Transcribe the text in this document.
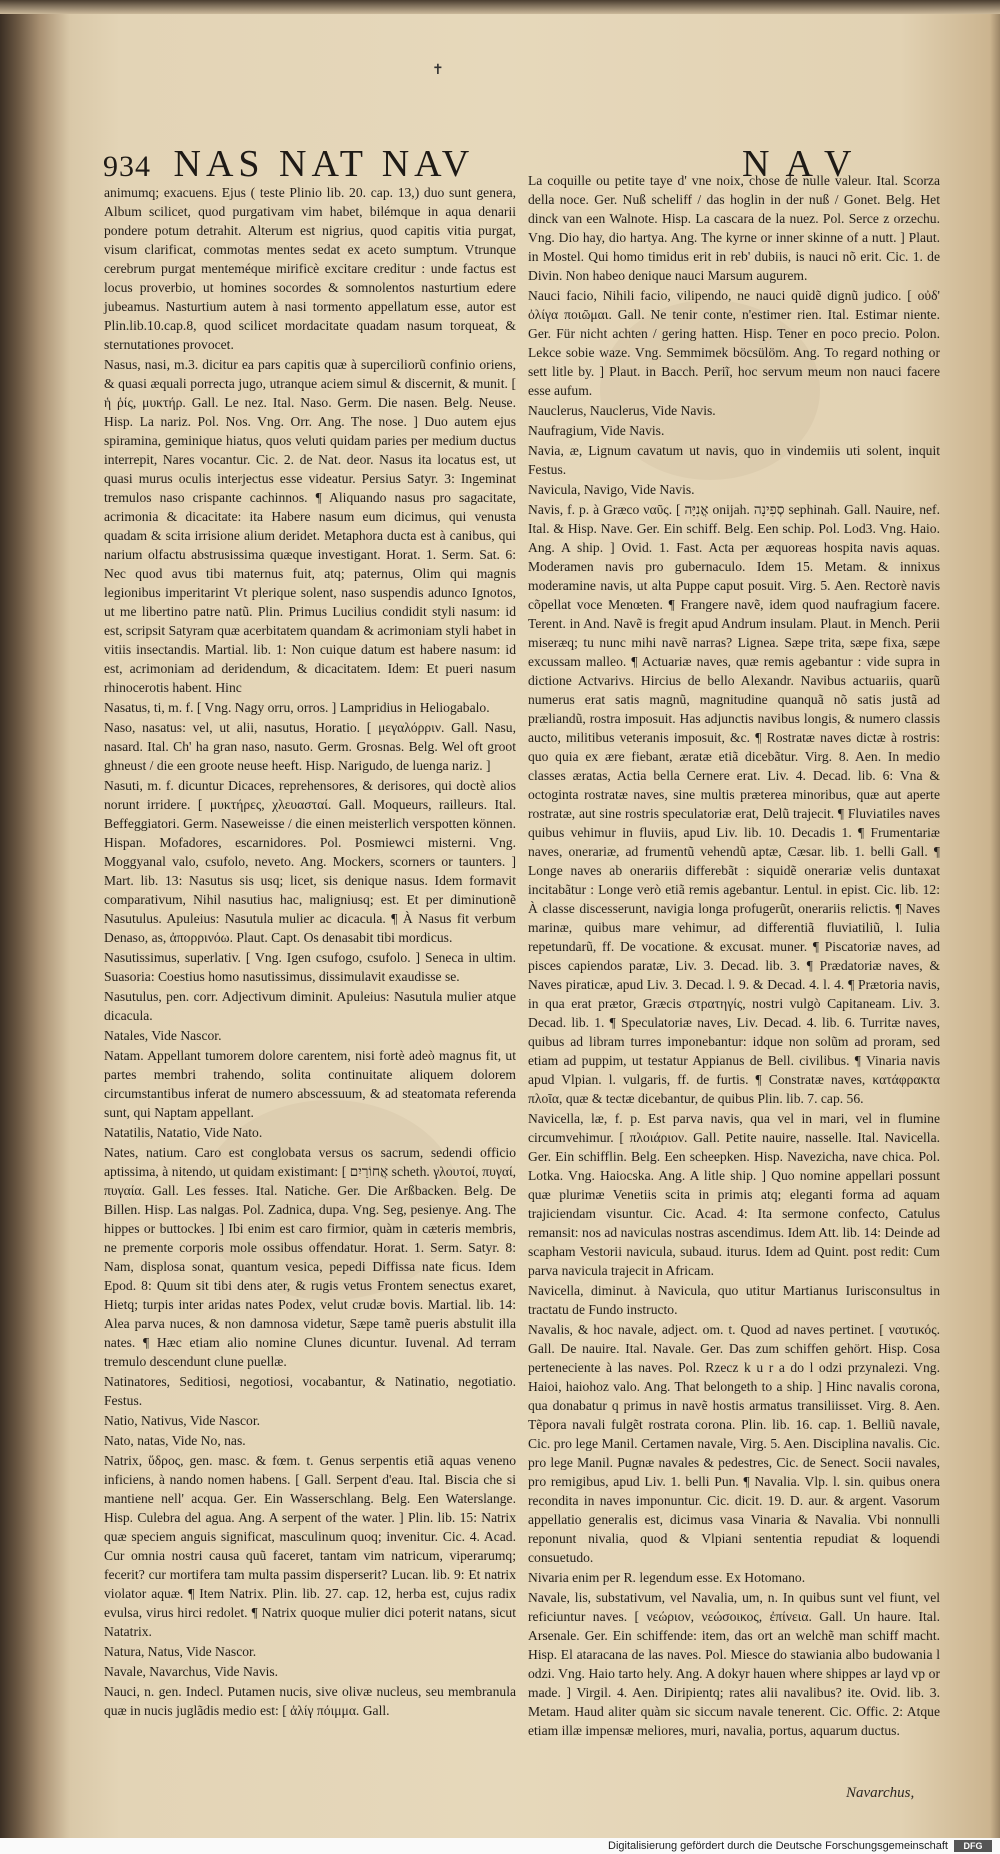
✝
934 NAS NAT NAV	NAV

animumq; exacuens. Ejus ( teste Plinio lib. 20. cap. 13,) duo sunt genera, Album scilicet, quod purgativam vim habet, bilémque in aqua denarii pondere potum detrahit. Alterum est nigrius, quod capitis vitia purgat, visum clarificat, commotas mentes sedat ex aceto sumptum. Vtrunque cerebrum purgat menteméque mirificè excitare creditur : unde factus est locus proverbio, ut homines socordes & somnolentos nasturtium edere jubeamus. Nasturtium autem à nasi tormento appellatum esse, autor est Plin.lib.10.cap.8, quod scilicet mordacitate quadam nasum torqueat, & sternutationes provocet.

Nasus, nasi, m.3. dicitur ea pars capitis quæ à superciliorũ confinio oriens, & quasi æquali porrecta jugo, utranque aciem simul & discernit, & munit. [ ἡ ῥίς, μυκτήρ. Gall. Le nez. Ital. Naso. Germ. Die nasen. Belg. Neuse. Hisp. La nariz. Pol. Nos. Vng. Orr. Ang. The nose. ] Duo autem ejus spiramina, geminique hiatus, quos veluti quidam paries per medium ductus interrepit, Nares vocantur. Cic. 2. de Nat. deor. Nasus ita locatus est, ut quasi murus oculis interjectus esse videatur. Persius Satyr. 3: Ingeminat tremulos naso crispante cachinnos. ¶ Aliquando nasus pro sagacitate, acrimonia & dicacitate: ita Habere nasum eum dicimus, qui venusta quadam & scita irrisione alium deridet. Metaphora ducta est à canibus, qui narium olfactu abstrusissima quæque investigant. Horat. 1. Serm. Sat. 6: Nec quod avus tibi maternus fuit, atq; paternus, Olim qui magnis legionibus imperitarint Vt plerique solent, naso suspendis adunco Ignotos, ut me libertino patre natũ. Plin. Primus Lucilius condidit styli nasum: id est, scripsit Satyram quæ acerbitatem quandam & acrimoniam styli habet in vitiis insectandis. Martial. lib. 1: Non cuique datum est habere nasum: id est, acrimoniam ad deridendum, & dicacitatem. Idem: Et pueri nasum rhinocerotis habent. Hinc

Nasatus, ti, m. f. [ Vng. Nagy orru, orros. ] Lampridius in Heliogabalo.

Naso, nasatus: vel, ut alii, nasutus, Horatio. [ μεγαλόρριν. Gall. Nasu, nasard. Ital. Ch' ha gran naso, nasuto. Germ. Grosnas. Belg. Wel oft groot ghneust / die een groote neuse heeft. Hisp. Narigudo, de luenga nariz. ]

Nasuti, m. f. dicuntur Dicaces, reprehensores, & derisores, qui doctè alios norunt irridere. [ μυκτήρες, χλευασταί. Gall. Moqueurs, railleurs. Ital. Beffeggiatori. Germ. Naseweisse / die einen meisterlich verspotten können. Hispan. Mofadores, escarnidores. Pol. Posmiewci misterni. Vng. Moggyanal valo, csufolo, neveto. Ang. Mockers, scorners or taunters. ] Mart. lib. 13: Nasutus sis usq; licet, sis denique nasus. Idem formavit comparativum, Nihil nasutius hac, maligniusq; est. Et per diminutionẽ Nasutulus. Apuleius: Nasutula mulier ac dicacula. ¶ À Nasus fit verbum Denaso, as, ἀπορρινόω. Plaut. Capt. Os denasabit tibi mordicus.

Nasutissimus, superlativ. [ Vng. Igen csufogo, csufolo. ] Seneca in ultim. Suasoria: Coestius homo nasutissimus, dissimulavit exaudisse se.

Nasutulus, pen. corr. Adjectivum diminit. Apuleius: Nasutula mulier atque dicacula.

Natales, Vide Nascor.

Natam. Appellant tumorem dolore carentem, nisi fortè adeò magnus fit, ut partes membri trahendo, solita continuitate aliquem dolorem circumstantibus inferat de numero abscessuum, & ad steatomata referenda sunt, qui Naptam appellant.

Natatilis, Natatio, Vide Nato.

Nates, natium. Caro est conglobata versus os sacrum, sedendi officio aptissima, à nitendo, ut quidam existimant: [ אֲחוֹרַיִם scheth. γλουτοί, πυγαί, πυγαία. Gall. Les fesses. Ital. Natiche. Ger. Die Arßbacken. Belg. De Billen. Hisp. Las nalgas. Pol. Zadnica, dupa. Vng. Seg, pesienye. Ang. The hippes or buttockes. ] Ibi enim est caro firmior, quàm in cæteris membris, ne premente corporis mole ossibus offendatur. Horat. 1. Serm. Satyr. 8: Nam, displosa sonat, quantum vesica, pepedi Diffissa nate ficus. Idem Epod. 8: Quum sit tibi dens ater, & rugis vetus Frontem senectus exaret, Hietq; turpis inter aridas nates Podex, velut crudæ bovis. Martial. lib. 14: Alea parva nuces, & non damnosa videtur, Sæpe tamẽ pueris abstulit illa nates. ¶ Hæc etiam alio nomine Clunes dicuntur. Iuvenal. Ad terram tremulo descendunt clune puellæ.

Natinatores, Seditiosi, negotiosi, vocabantur, & Natinatio, negotiatio. Festus.

Natio, Nativus, Vide Nascor.

Nato, natas, Vide No, nas.

Natrix, ὕδρος, gen. masc. & fœm. t. Genus serpentis etiã aquas veneno inficiens, à nando nomen habens. [ Gall. Serpent d'eau. Ital. Biscia che si mantiene nell' acqua. Ger. Ein Wasserschlang. Belg. Een Waterslange. Hisp. Culebra del agua. Ang. A serpent of the water. ] Plin. lib. 15: Natrix quæ speciem anguis significat, masculinum quoq; invenitur. Cic. 4. Acad. Cur omnia nostri causa quũ faceret, tantam vim natricum, viperarumq; fecerit? cur mortifera tam multa passim disperserit? Lucan. lib. 9: Et natrix violator aquæ. ¶ Item Natrix. Plin. lib. 27. cap. 12, herba est, cujus radix evulsa, virus hirci redolet. ¶ Natrix quoque mulier dici poterit natans, sicut Natatrix.

Natura, Natus, Vide Nascor.

Navale, Navarchus, Vide Navis.

Nauci, n. gen. Indecl. Putamen nucis, sive olivæ nucleus, seu membranula quæ in nucis juglãdis medio est: [ ἀλίγ πόιμμα. Gall.

La coquille ou petite taye d' vne noix, chose de nulle valeur. Ital. Scorza della noce. Ger. Nuß scheliff / das hoglin in der nuß / Gonet. Belg. Het dinck van een Walnote. Hisp. La cascara de la nuez. Pol. Serce z orzechu. Vng. Dio hay, dio hartya. Ang. The kyrne or inner skinne of a nutt. ] Plaut. in Mostel. Qui homo timidus erit in reb' dubiis, is nauci nõ erit. Cic. 1. de Divin. Non habeo denique nauci Marsum augurem.

Nauci facio, Nihili facio, vilipendo, ne nauci quidẽ dignũ judico. [ οὐδ' ὀλίγα ποιῶμαι. Gall. Ne tenir conte, n'estimer rien. Ital. Estimar niente. Ger. Für nicht achten / gering hatten. Hisp. Tener en poco precio. Polon. Lekce sobie waze. Vng. Semmimek böcsülöm. Ang. To regard nothing or sett litle by. ] Plaut. in Bacch. Periĩ, hoc servum meum non nauci facere esse aufum.

Nauclerus, Nauclerus, Vide Navis.

Naufragium, Vide Navis.

Navia, æ, Lignum cavatum ut navis, quo in vindemiis uti solent, inquit Festus.

Navicula, Navigo, Vide Navis.

Navis, f. p. à Græco ναῦς. [ אֳנִיָּה onijah. סְפִינָה sephinah. Gall. Nauire, nef. Ital. & Hisp. Nave. Ger. Ein schiff. Belg. Een schip. Pol. Lod3. Vng. Haio. Ang. A ship. ] Ovid. 1. Fast. Acta per æquoreas hospita navis aquas. Moderamen navis pro gubernaculo. Idem 15. Metam. & innixus moderamine navis, ut alta Puppe caput posuit. Virg. 5. Aen. Rectorè navis cõpellat voce Menœten. ¶ Frangere navẽ, idem quod naufragium facere. Terent. in And. Navẽ is fregit apud Andrum insulam. Plaut. in Mench. Perii miseræq; tu nunc mihi navẽ narras? Lignea. Sæpe trita, sæpe fixa, sæpe excussam malleo. ¶ Actuariæ naves, quæ remis agebantur : vide supra in dictione Actvarivs. Hircius de bello Alexandr. Navibus actuariis, quarũ numerus erat satis magnũ, magnitudine quanquã nõ satis justã ad præliandũ, rostra imposuit. Has adjunctis navibus longis, & numero classis aucto, militibus veteranis imposuit, &c. ¶ Rostratæ naves dictæ à rostris: quo quia ex ære fiebant, æratæ etiã dicebãtur. Virg. 8. Aen. In medio classes æratas, Actia bella Cernere erat. Liv. 4. Decad. lib. 6: Vna & octoginta rostratæ naves, sine multis præterea minoribus, quæ aut aperte rostratæ, aut sine rostris speculatoriæ erat, Delũ trajecit. ¶ Fluviatiles naves quibus vehimur in fluviis, apud Liv. lib. 10. Decadis 1. ¶ Frumentariæ naves, onerariæ, ad frumentũ vehendũ aptæ, Cæsar. lib. 1. belli Gall. ¶ Longe naves ab onerariis differebãt : siquidẽ onerariæ velis duntaxat incitabãtur : Longe verò etiã remis agebantur. Lentul. in epist. Cic. lib. 12: À classe discesserunt, navigia longa profugerũt, onerariis relictis. ¶ Naves marinæ, quibus mare vehimur, ad differentiã fluviatiliũ, l. Iulia repetundarũ, ff. De vocatione. & excusat. muner. ¶ Piscatoriæ naves, ad pisces capiendos paratæ, Liv. 3. Decad. lib. 3. ¶ Prædatoriæ naves, & Naves piraticæ, apud Liv. 3. Decad. l. 9. & Decad. 4. l. 4. ¶ Prætoria navis, in qua erat prætor, Græcis στρατηγίς, nostri vulgò Capitaneam. Liv. 3. Decad. lib. 1. ¶ Speculatoriæ naves, Liv. Decad. 4. lib. 6. Turritæ naves, quibus ad libram turres imponebantur: idque non solũm ad proram, sed etiam ad puppim, ut testatur Appianus de Bell. civilibus. ¶ Vinaria navis apud Vlpian. l. vulgaris, ff. de furtis. ¶ Constratæ naves, κατάφρακτα πλοῖα, quæ & tectæ dicebantur, de quibus Plin. lib. 7. cap. 56.

Navicella, læ, f. p. Est parva navis, qua vel in mari, vel in flumine circumvehimur. [ πλοιάριον. Gall. Petite nauire, nasselle. Ital. Navicella. Ger. Ein schifflin. Belg. Een scheepken. Hisp. Navezicha, nave chica. Pol. Lotka. Vng. Haiocska. Ang. A litle ship. ] Quo nomine appellari possunt quæ plurimæ Venetiis scita in primis atq; eleganti forma ad aquam trajiciendam visuntur. Cic. Acad. 4: Ita sermone confecto, Catulus remansit: nos ad naviculas nostras ascendimus. Idem Att. lib. 14: Deinde ad scapham Vestorii navicula, subaud. iturus. Idem ad Quint. post redit: Cum parva navicula trajecit in Africam.

Navicella, diminut. à Navicula, quo utitur Martianus Iurisconsultus in tractatu de Fundo instructo.

Navalis, & hoc navale, adject. om. t. Quod ad naves pertinet. [ ναυτικός. Gall. De nauire. Ital. Navale. Ger. Das zum schiffen gehört. Hisp. Cosa perteneciente à las naves. Pol. Rzecz k u r a do l odzi przynalezi. Vng. Haioi, haiohoz valo. Ang. That belongeth to a ship. ] Hinc navalis corona, qua donabatur q primus in navẽ hostis armatus transiliisset. Virg. 8. Aen. Tẽpora navali fulgẽt rostrata corona. Plin. lib. 16. cap. 1. Belliũ navale, Cic. pro lege Manil. Certamen navale, Virg. 5. Aen. Disciplina navalis. Cic. pro lege Manil. Pugnæ navales & pedestres, Cic. de Senect. Socii navales, pro remigibus, apud Liv. 1. belli Pun. ¶ Navalia. Vlp. l. sin. quibus onera recondita in naves imponuntur. Cic. dicit. 19. D. aur. & argent. Vasorum appellatio generalis est, dicimus vasa Vinaria & Navalia. Vbi nonnulli reponunt nivalia, quod & Vlpiani sententia repudiat & loquendi consuetudo.

Nivaria enim per R. legendum esse. Ex Hotomano.

Navale, lis, substativum, vel Navalia, um, n. In quibus sunt vel fiunt, vel reficiuntur naves. [ νεώριον, νεώσοικος, ἐπίνεια. Gall. Un haure. Ital. Arsenale. Ger. Ein schiffende: item, das ort an welchẽ man schiff macht. Hisp. El ataracana de las naves. Pol. Miesce do stawiania albo budowania l odzi. Vng. Haio tarto hely. Ang. A dokyr hauen where shippes ar layd vp or made. ] Virgil. 4. Aen. Diripientq; rates alii navalibus? ite. Ovid. lib. 3. Metam. Haud aliter quàm sic siccum navale tenerent. Cic. Offic. 2: Atque etiam illæ impensæ meliores, muri, navalia, portus, aquarum ductus.

Navarchus,
Digitalisierung gefördert durch die Deutsche Forschungsgemeinschaft	DFG
